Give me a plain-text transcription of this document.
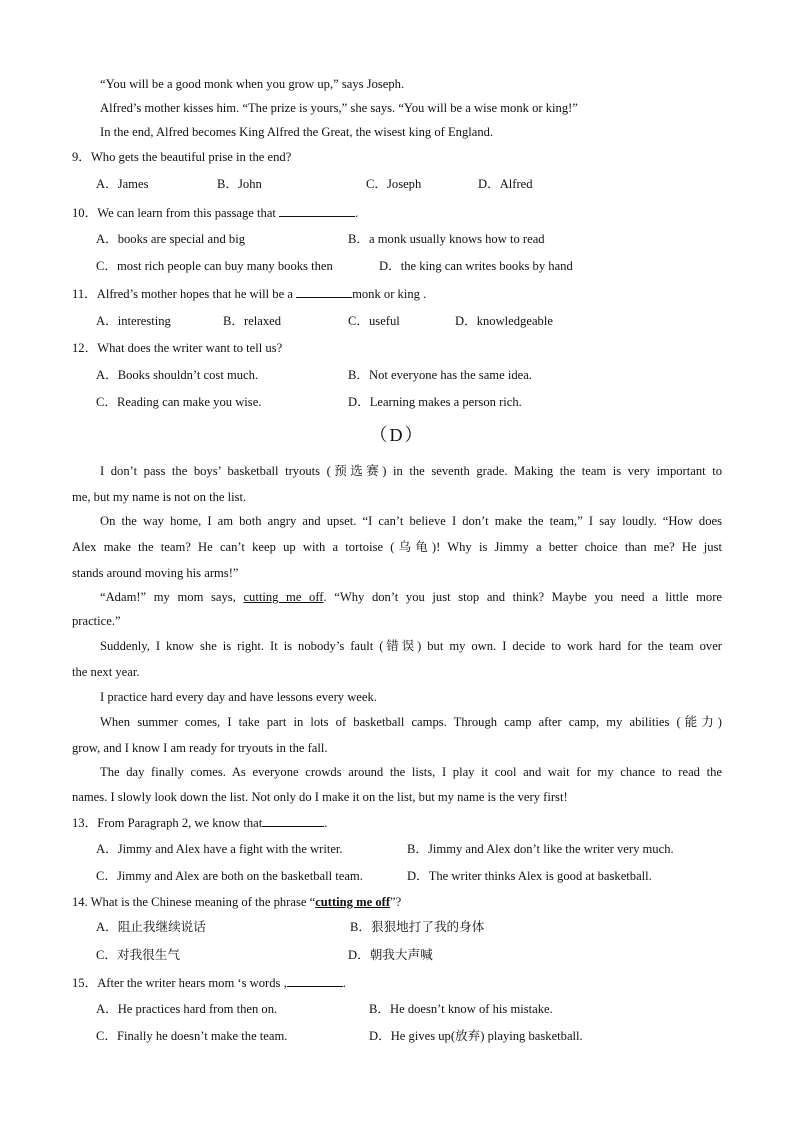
“You will be a good monk when you grow up,” says Joseph.
Alfred’s mother kisses him. “The prize is yours,” she says. “You will be a wise monk or king!”
In the end, Alfred becomes King Alfred the Great, the wisest king of England.
9．Who gets the beautiful prise in the end?
A．James	B．John	C．Joseph	D．Alfred
10．We can learn from this passage that	.
A．books are special and big	B．a monk usually knows how to read
C．most rich people can buy many books then	D．the king can writes books by hand
11．Alfred’s mother hopes that he will be a	monk or king .
A．interesting	B．relaxed	C．useful	D．knowledgeable
12．What does the writer want to tell us?
A．Books shouldn’t cost much.	B．Not everyone has the same idea.
C．Reading can make you wise.	D．Learning makes a person rich.
（D）
I don’t pass the boys’ basketball tryouts (预选赛) in the seventh grade. Making the team is very important to
me, but my name is not on the list.
On the way home, I am both angry and upset. “I can’t believe I don’t make the team,” I say loudly. “How does
Alex make the team? He can’t keep up with a tortoise (乌龟)! Why is Jimmy a better choice than me? He just
stands around moving his arms!”
“Adam!” my mom says, cutting me off. “Why don’t you just stop and think? Maybe you need a little more
practice.”
Suddenly, I know she is right. It is nobody’s fault (错误) but my own. I decide to work hard for the team over
the next year.
I practice hard every day and have lessons every week.
When summer comes, I take part in lots of basketball camps. Through camp after camp, my abilities (能力)
grow, and I know I am ready for tryouts in the fall.
The day finally comes. As everyone crowds around the lists, I play it cool and wait for my chance to read the
names. I slowly look down the list. Not only do I make it on the list, but my name is the very first!
13．From Paragraph 2, we know that	.
A．Jimmy and Alex have a fight with the writer.	B．Jimmy and Alex don’t like the writer very much.
C．Jimmy and Alex are both on the basketball team.	D．The writer thinks Alex is good at basketball.
14. What is the Chinese meaning of the phrase “cutting me off”?
A．阻止我继续说话	B．狠狠地打了我的身体
C．对我很生气	D．朝我大声喊
15．After the writer hears mom ‘s words ,	.
A．He practices hard from then on.	B．He doesn’t know of his mistake.
C．Finally he doesn’t make the team.	D．He gives up(放弃) playing basketball.
